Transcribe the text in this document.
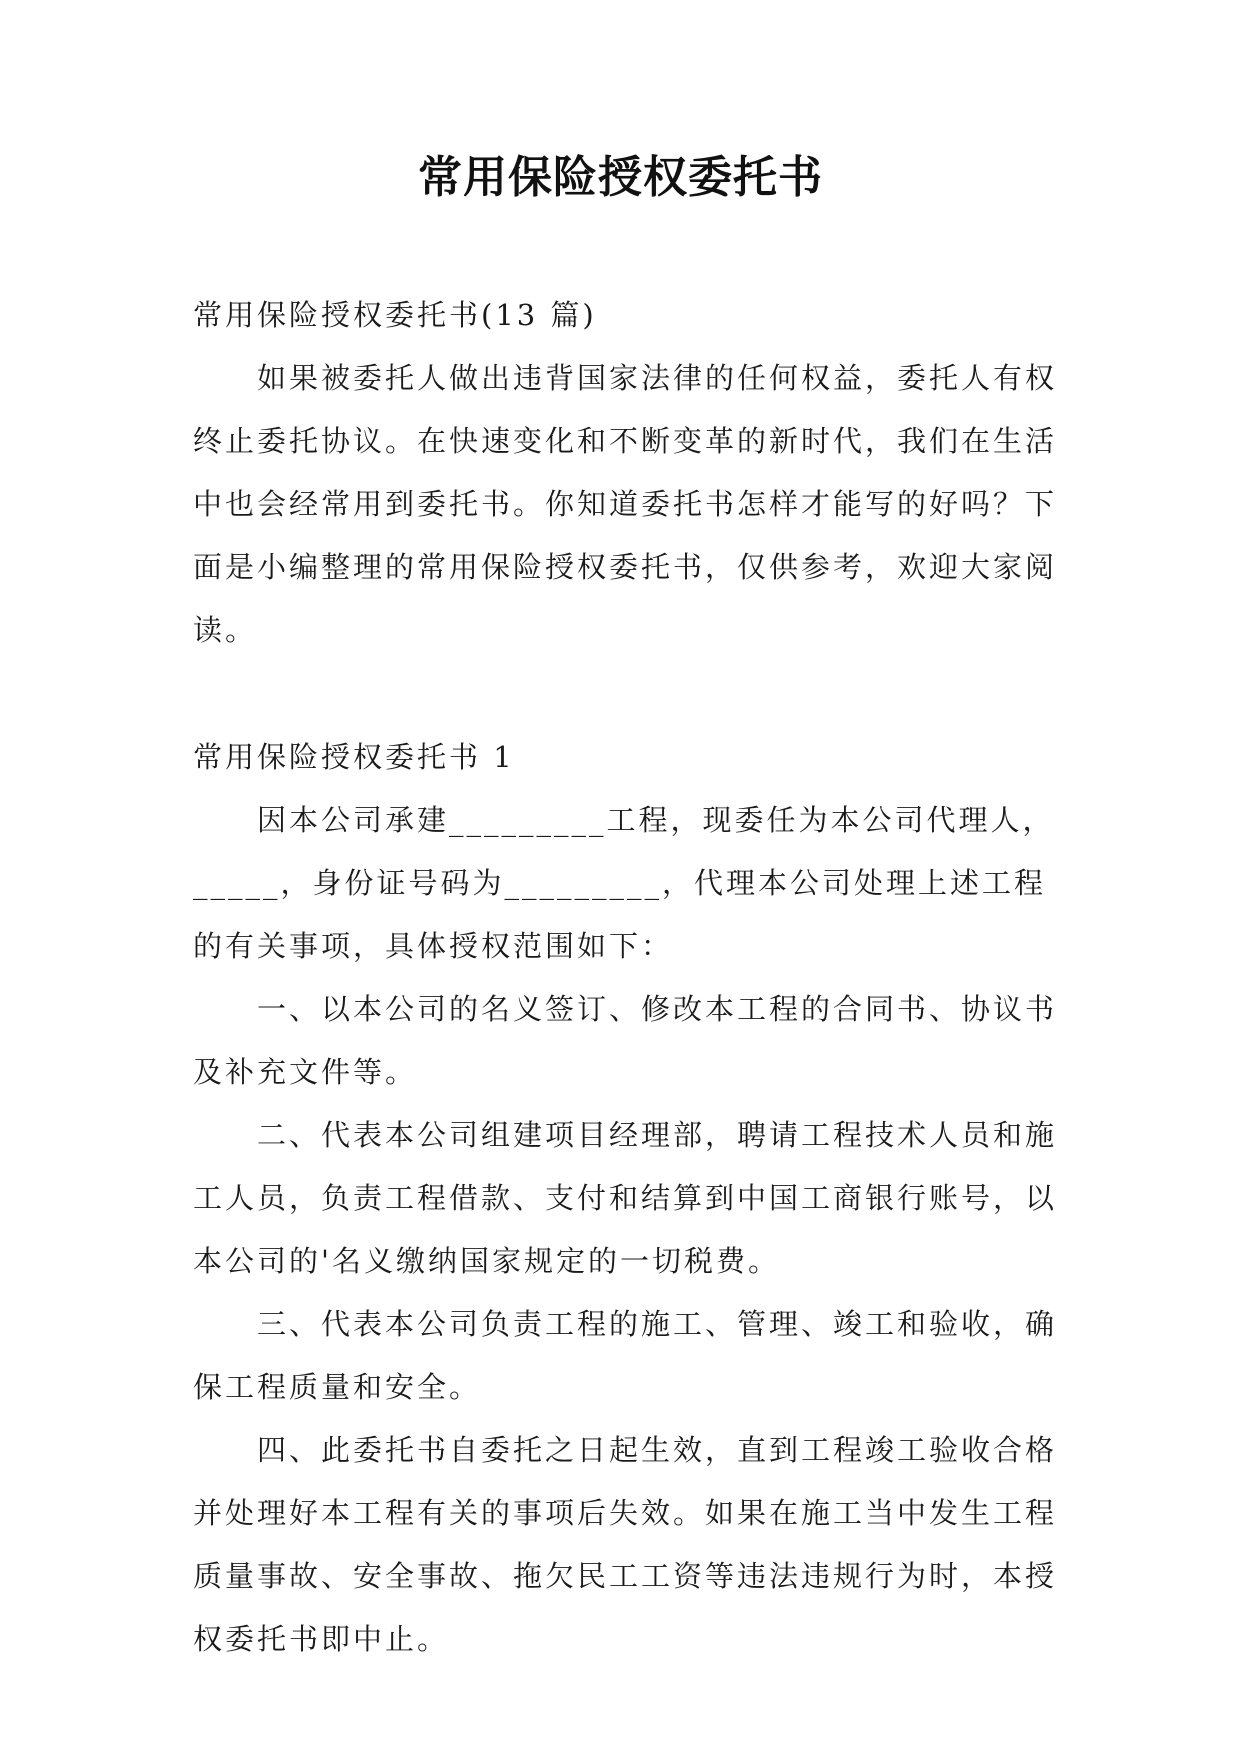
常用保险授权委托书

常用保险授权委托书(13 篇)

如果被委托人做出违背国家法律的任何权益，委托人有权终止委托协议。在快速变化和不断变革的新时代，我们在生活中也会经常用到委托书。你知道委托书怎样才能写的好吗？下面是小编整理的常用保险授权委托书，仅供参考，欢迎大家阅读。

常用保险授权委托书 1

因本公司承建_________工程，现委任为本公司代理人，_____，身份证号码为_________，代理本公司处理上述工程的有关事项，具体授权范围如下：

一、以本公司的名义签订、修改本工程的合同书、协议书及补充文件等。

二、代表本公司组建项目经理部，聘请工程技术人员和施工人员，负责工程借款、支付和结算到中国工商银行账号，以本公司的'名义缴纳国家规定的一切税费。

三、代表本公司负责工程的施工、管理、竣工和验收，确保工程质量和安全。

四、此委托书自委托之日起生效，直到工程竣工验收合格并处理好本工程有关的事项后失效。如果在施工当中发生工程质量事故、安全事故、拖欠民工工资等违法违规行为时，本授权委托书即中止。
